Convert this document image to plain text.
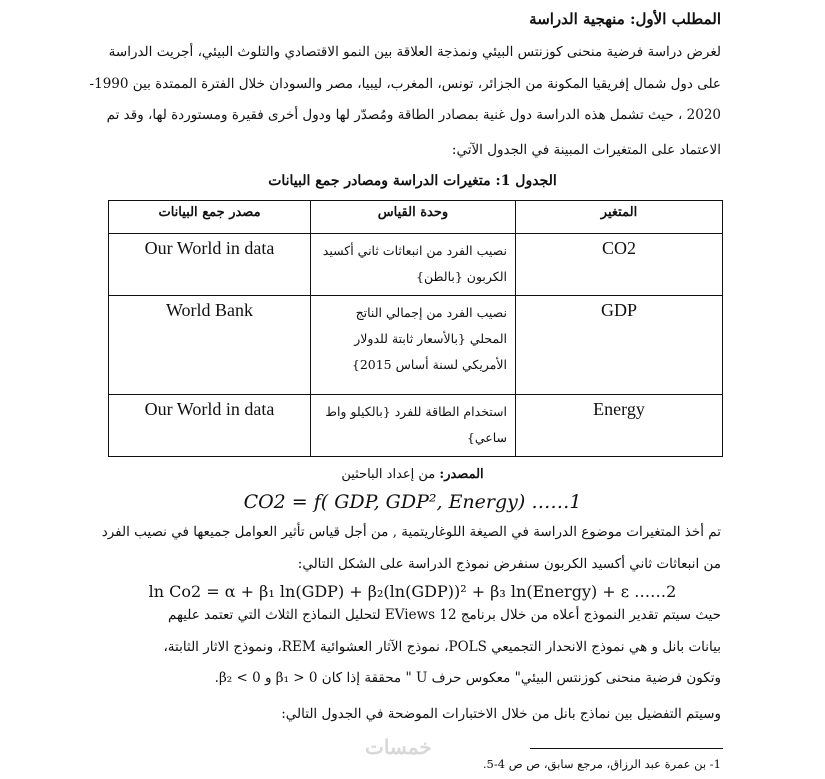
المطلب الأول: منهجية الدراسة
لغرض دراسة فرضية منحنى كوزنتس البيئي ونمذجة العلاقة بين النمو الاقتصادي والتلوث البيئي، أجريت الدراسة
على دول شمال إفريقيا المكونة من الجزائر، تونس، المغرب، ليبيا، مصر والسودان خلال الفترة الممتدة بين 1990-
2020 ، حيث تشمل هذه الدراسة دول غنية بمصادر الطاقة ومُصدّر لها ودول أخرى فقيرة ومستوردة لها، وقد تم
الاعتماد على المتغيرات المبينة في الجدول الآتي:
الجدول 1: متغيرات الدراسة ومصادر جمع البيانات
المتغير	وحدة القياس	مصدر جمع البيانات
CO2	نصيب الفرد من انبعاثات ثاني أكسيد الكربون {بالطن}	Our World in data
GDP	نصيب الفرد من إجمالي الناتج المحلي {بالأسعار ثابتة للدولار الأمريكي لسنة أساس 2015}	World Bank
Energy	استخدام الطاقة للفرد {بالكيلو واط ساعي}	Our World in data
المصدر: من إعداد الباحثين
CO2 = f( GDP, GDP², Energy) ……1
تم أخذ المتغيرات موضوع الدراسة في الصيغة اللوغاريتمية , من أجل قياس تأثير العوامل جميعها في نصيب الفرد
من انبعاثات ثاني أكسيد الكربون سنفرض نموذج الدراسة على الشكل التالي:
ln Co2 = α + β₁ ln(GDP) + β₂(ln(GDP))² + β₃ ln(Energy) + ε ……2
حيث سيتم تقدير النموذج أعلاه من خلال برنامج EViews 12 لتحليل النماذج الثلاث التي تعتمد عليهم
بيانات بانل و هي نموذج الانحدار التجميعي POLS، نموذج الآثار العشوائية REM، ونموذج الاثار الثابتة،
وتكون فرضية منحنى كوزنتس البيئي" معكوس حرف U " محققة إذا كان 0 < β₁ و 0 > β₂.
وسيتم التفضيل بين نماذج بانل من خلال الاختبارات الموضحة في الجدول التالي:
خمسات
1- بن عمرة عبد الرزاق، مرجع سابق، ص ص 4-5.
